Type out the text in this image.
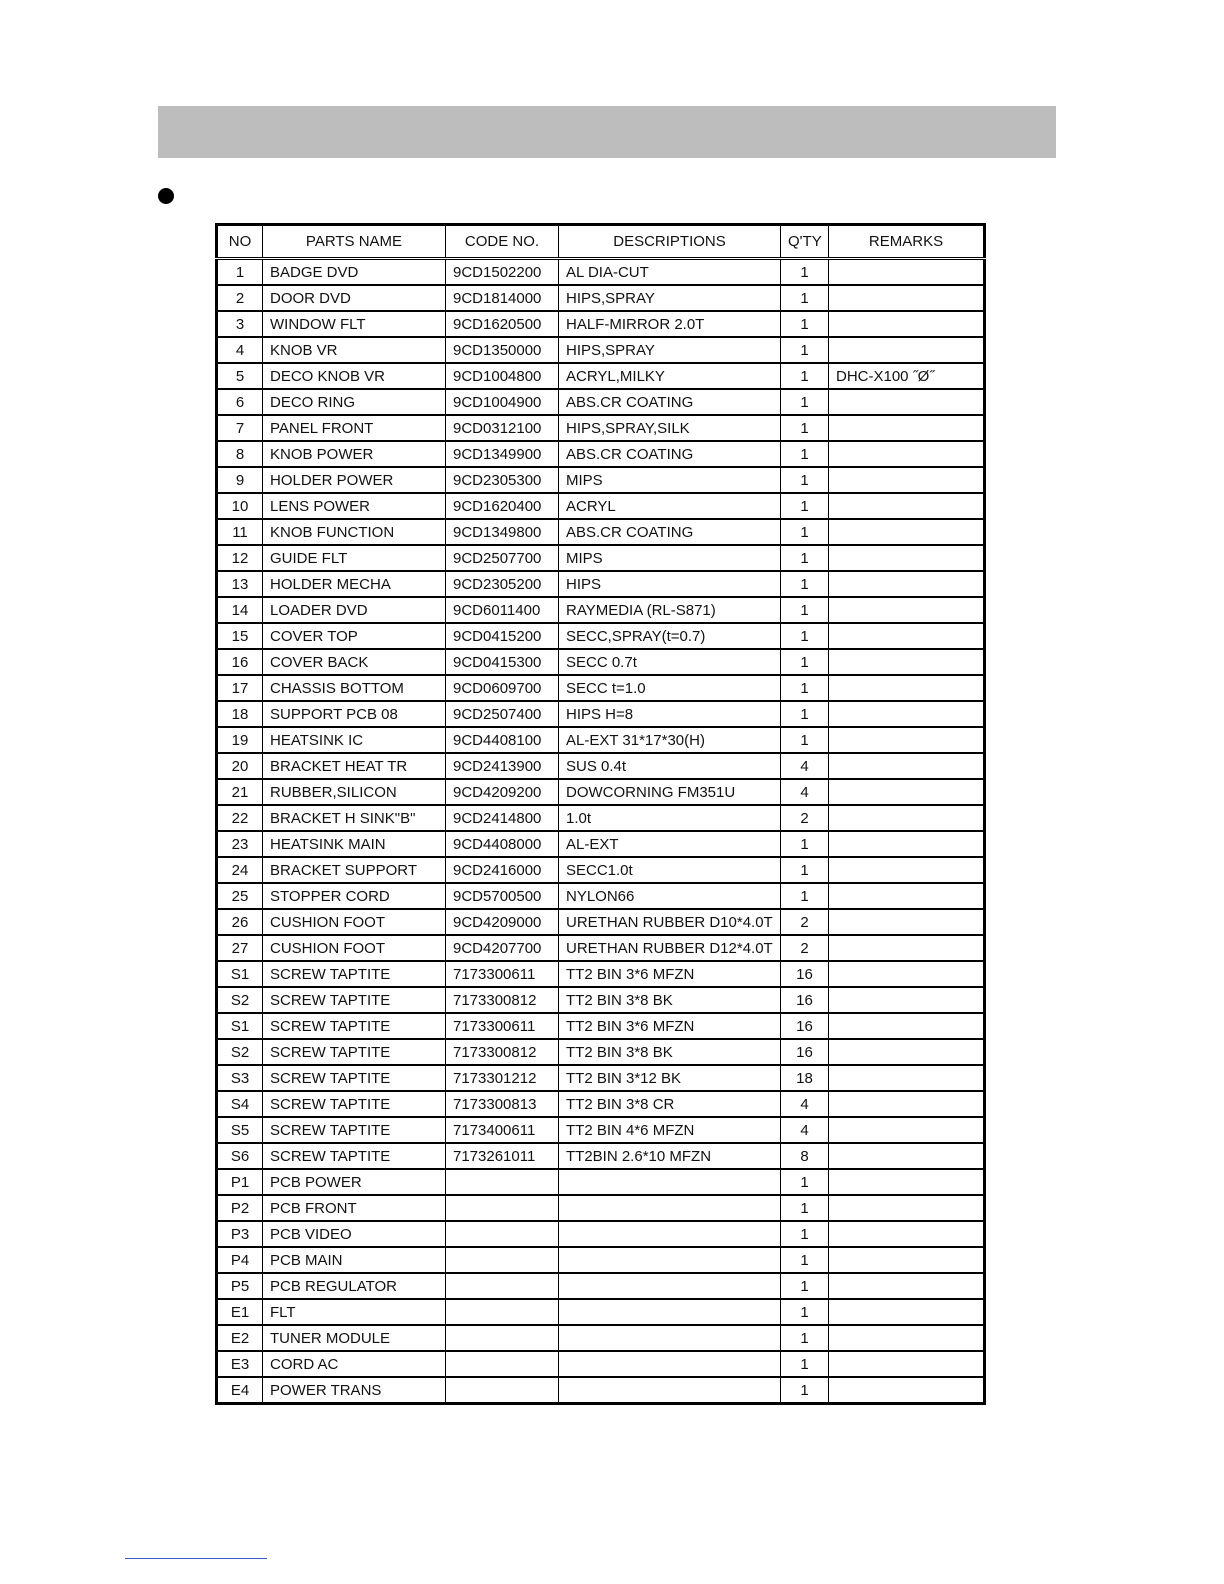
NO	PARTS NAME	CODE NO.	DESCRIPTIONS	Q'TY	REMARKS
1	BADGE DVD	9CD1502200	AL DIA-CUT	1	
2	DOOR DVD	9CD1814000	HIPS,SPRAY	1	
3	WINDOW FLT	9CD1620500	HALF-MIRROR 2.0T	1	
4	KNOB VR	9CD1350000	HIPS,SPRAY	1	
5	DECO KNOB VR	9CD1004800	ACRYL,MILKY	1	DHC-X100 ˝Ø˝
6	DECO RING	9CD1004900	ABS.CR COATING	1	
7	PANEL FRONT	9CD0312100	HIPS,SPRAY,SILK	1	
8	KNOB POWER	9CD1349900	ABS.CR COATING	1	
9	HOLDER POWER	9CD2305300	MIPS	1	
10	LENS POWER	9CD1620400	ACRYL	1	
11	KNOB FUNCTION	9CD1349800	ABS.CR COATING	1	
12	GUIDE FLT	9CD2507700	MIPS	1	
13	HOLDER MECHA	9CD2305200	HIPS	1	
14	LOADER DVD	9CD6011400	RAYMEDIA (RL-S871)	1	
15	COVER TOP	9CD0415200	SECC,SPRAY(t=0.7)	1	
16	COVER BACK	9CD0415300	SECC 0.7t	1	
17	CHASSIS BOTTOM	9CD0609700	SECC t=1.0	1	
18	SUPPORT PCB 08	9CD2507400	HIPS H=8	1	
19	HEATSINK IC	9CD4408100	AL-EXT 31*17*30(H)	1	
20	BRACKET HEAT TR	9CD2413900	SUS 0.4t	4	
21	RUBBER,SILICON	9CD4209200	DOWCORNING FM351U	4	
22	BRACKET H SINK"B"	9CD2414800	1.0t	2	
23	HEATSINK MAIN	9CD4408000	AL-EXT	1	
24	BRACKET SUPPORT	9CD2416000	SECC1.0t	1	
25	STOPPER CORD	9CD5700500	NYLON66	1	
26	CUSHION FOOT	9CD4209000	URETHAN RUBBER D10*4.0T	2	
27	CUSHION FOOT	9CD4207700	URETHAN RUBBER D12*4.0T	2	
S1	SCREW TAPTITE	7173300611	TT2 BIN 3*6 MFZN	16	
S2	SCREW TAPTITE	7173300812	TT2 BIN 3*8 BK	16	
S1	SCREW TAPTITE	7173300611	TT2 BIN 3*6 MFZN	16	
S2	SCREW TAPTITE	7173300812	TT2 BIN 3*8 BK	16	
S3	SCREW TAPTITE	7173301212	TT2 BIN 3*12 BK	18	
S4	SCREW TAPTITE	7173300813	TT2 BIN 3*8 CR	4	
S5	SCREW TAPTITE	7173400611	TT2 BIN 4*6 MFZN	4	
S6	SCREW TAPTITE	7173261011	TT2BIN 2.6*10 MFZN	8	
P1	PCB POWER			1	
P2	PCB FRONT			1	
P3	PCB VIDEO			1	
P4	PCB MAIN			1	
P5	PCB REGULATOR			1	
E1	FLT			1	
E2	TUNER MODULE			1	
E3	CORD AC			1	
E4	POWER TRANS			1	
